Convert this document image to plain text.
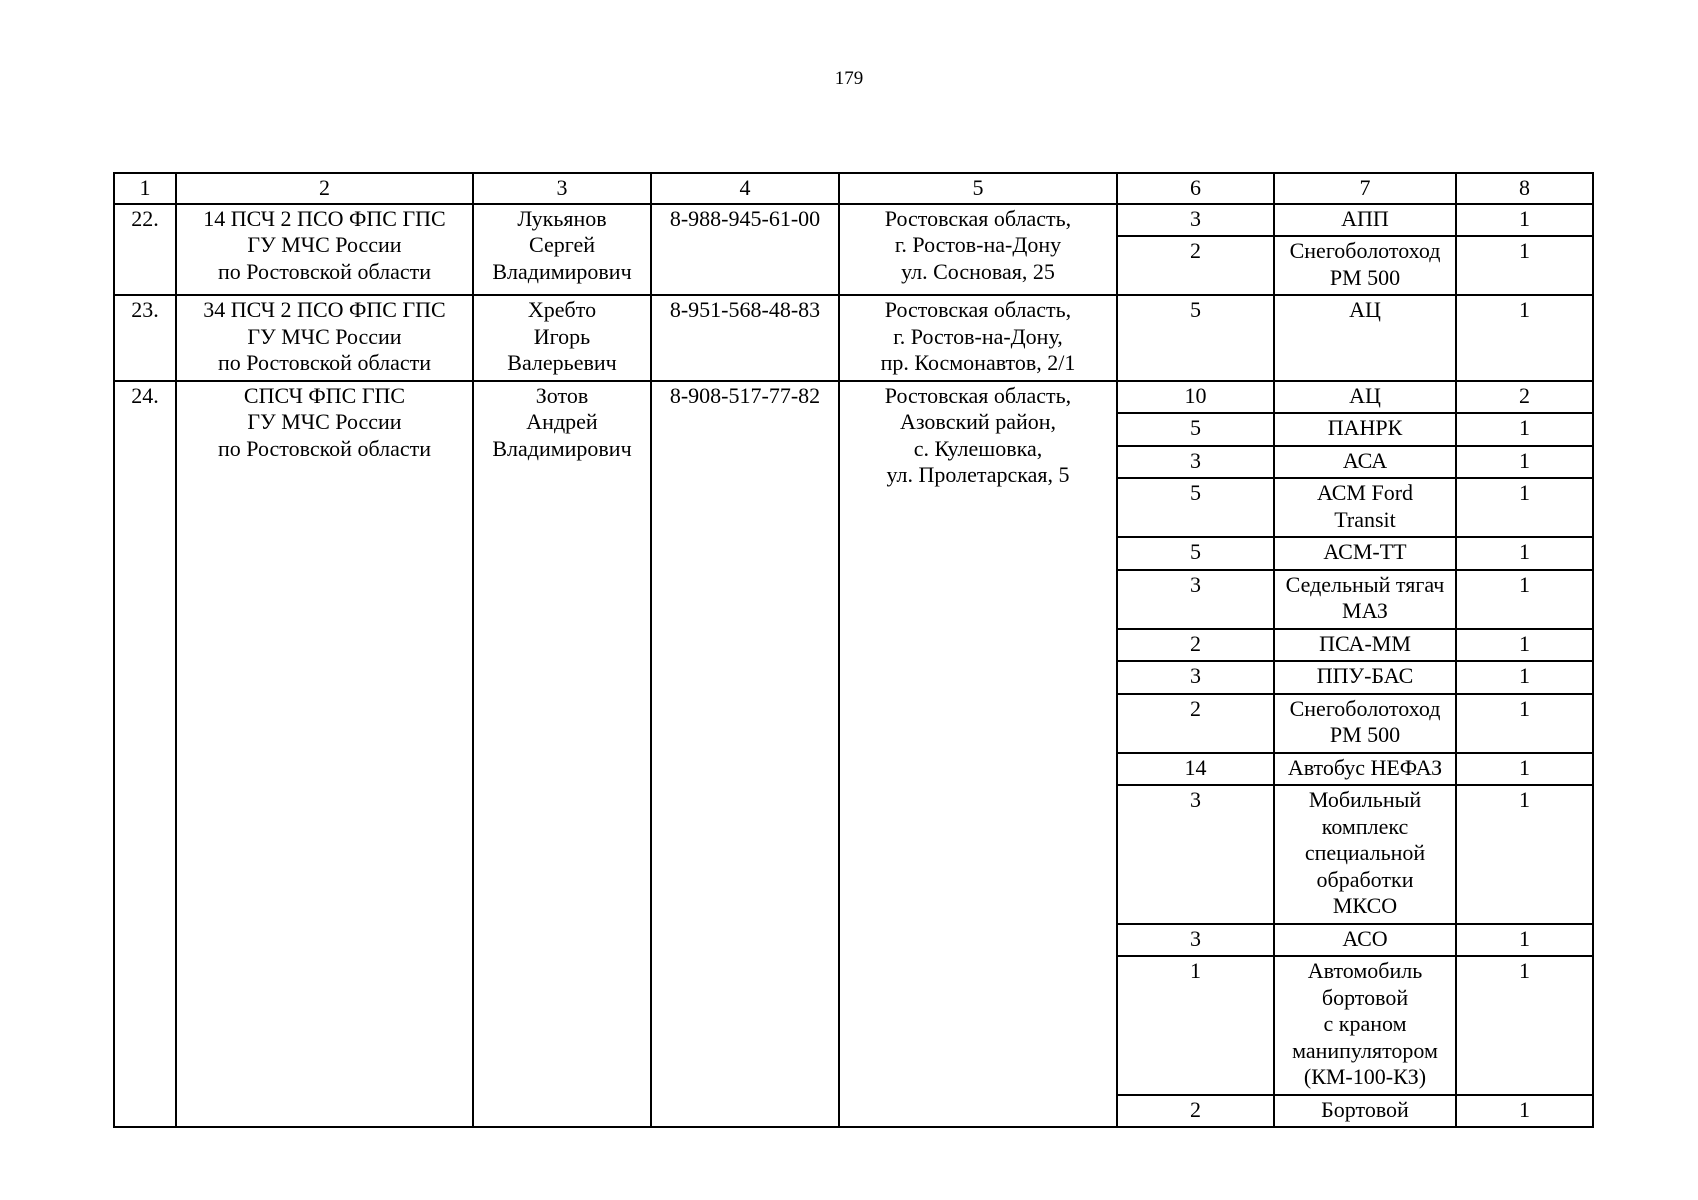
179
1	2	3	4	5	6	7	8
22.	14 ПСЧ 2 ПСО ФПС ГПС
ГУ МЧС России
по Ростовской области	Лукьянов
Сергей
Владимирович	8-988-945-61-00	Ростовская область,
г. Ростов-на-Дону
ул. Сосновая, 25	3	АПП	1
					2	Снегоболотоход
РМ 500	1
23.	34 ПСЧ 2 ПСО ФПС ГПС
ГУ МЧС России
по Ростовской области	Хребто
Игорь
Валерьевич	8-951-568-48-83	Ростовская область,
г. Ростов-на-Дону,
пр. Космонавтов, 2/1	5	АЦ	1
24.	СПСЧ ФПС ГПС
ГУ МЧС России
по Ростовской области	Зотов
Андрей
Владимирович	8-908-517-77-82	Ростовская область,
Азовский район,
с. Кулешовка,
ул. Пролетарская, 5	10	АЦ	2
					5	ПАНРК	1
					3	АСА	1
					5	АСМ Ford
Transit	1
					5	АСМ-ТТ	1
					3	Седельный тягач
МАЗ	1
					2	ПСА-ММ	1
					3	ППУ-БАС	1
					2	Снегоболотоход
РМ 500	1
					14	Автобус НЕФАЗ	1
					3	Мобильный
комплекс
специальной
обработки
МКСО	1
					3	АСО	1
					1	Автомобиль
бортовой
с краном
манипулятором
(КМ-100-КЗ)	1
					2	Бортовой	1
